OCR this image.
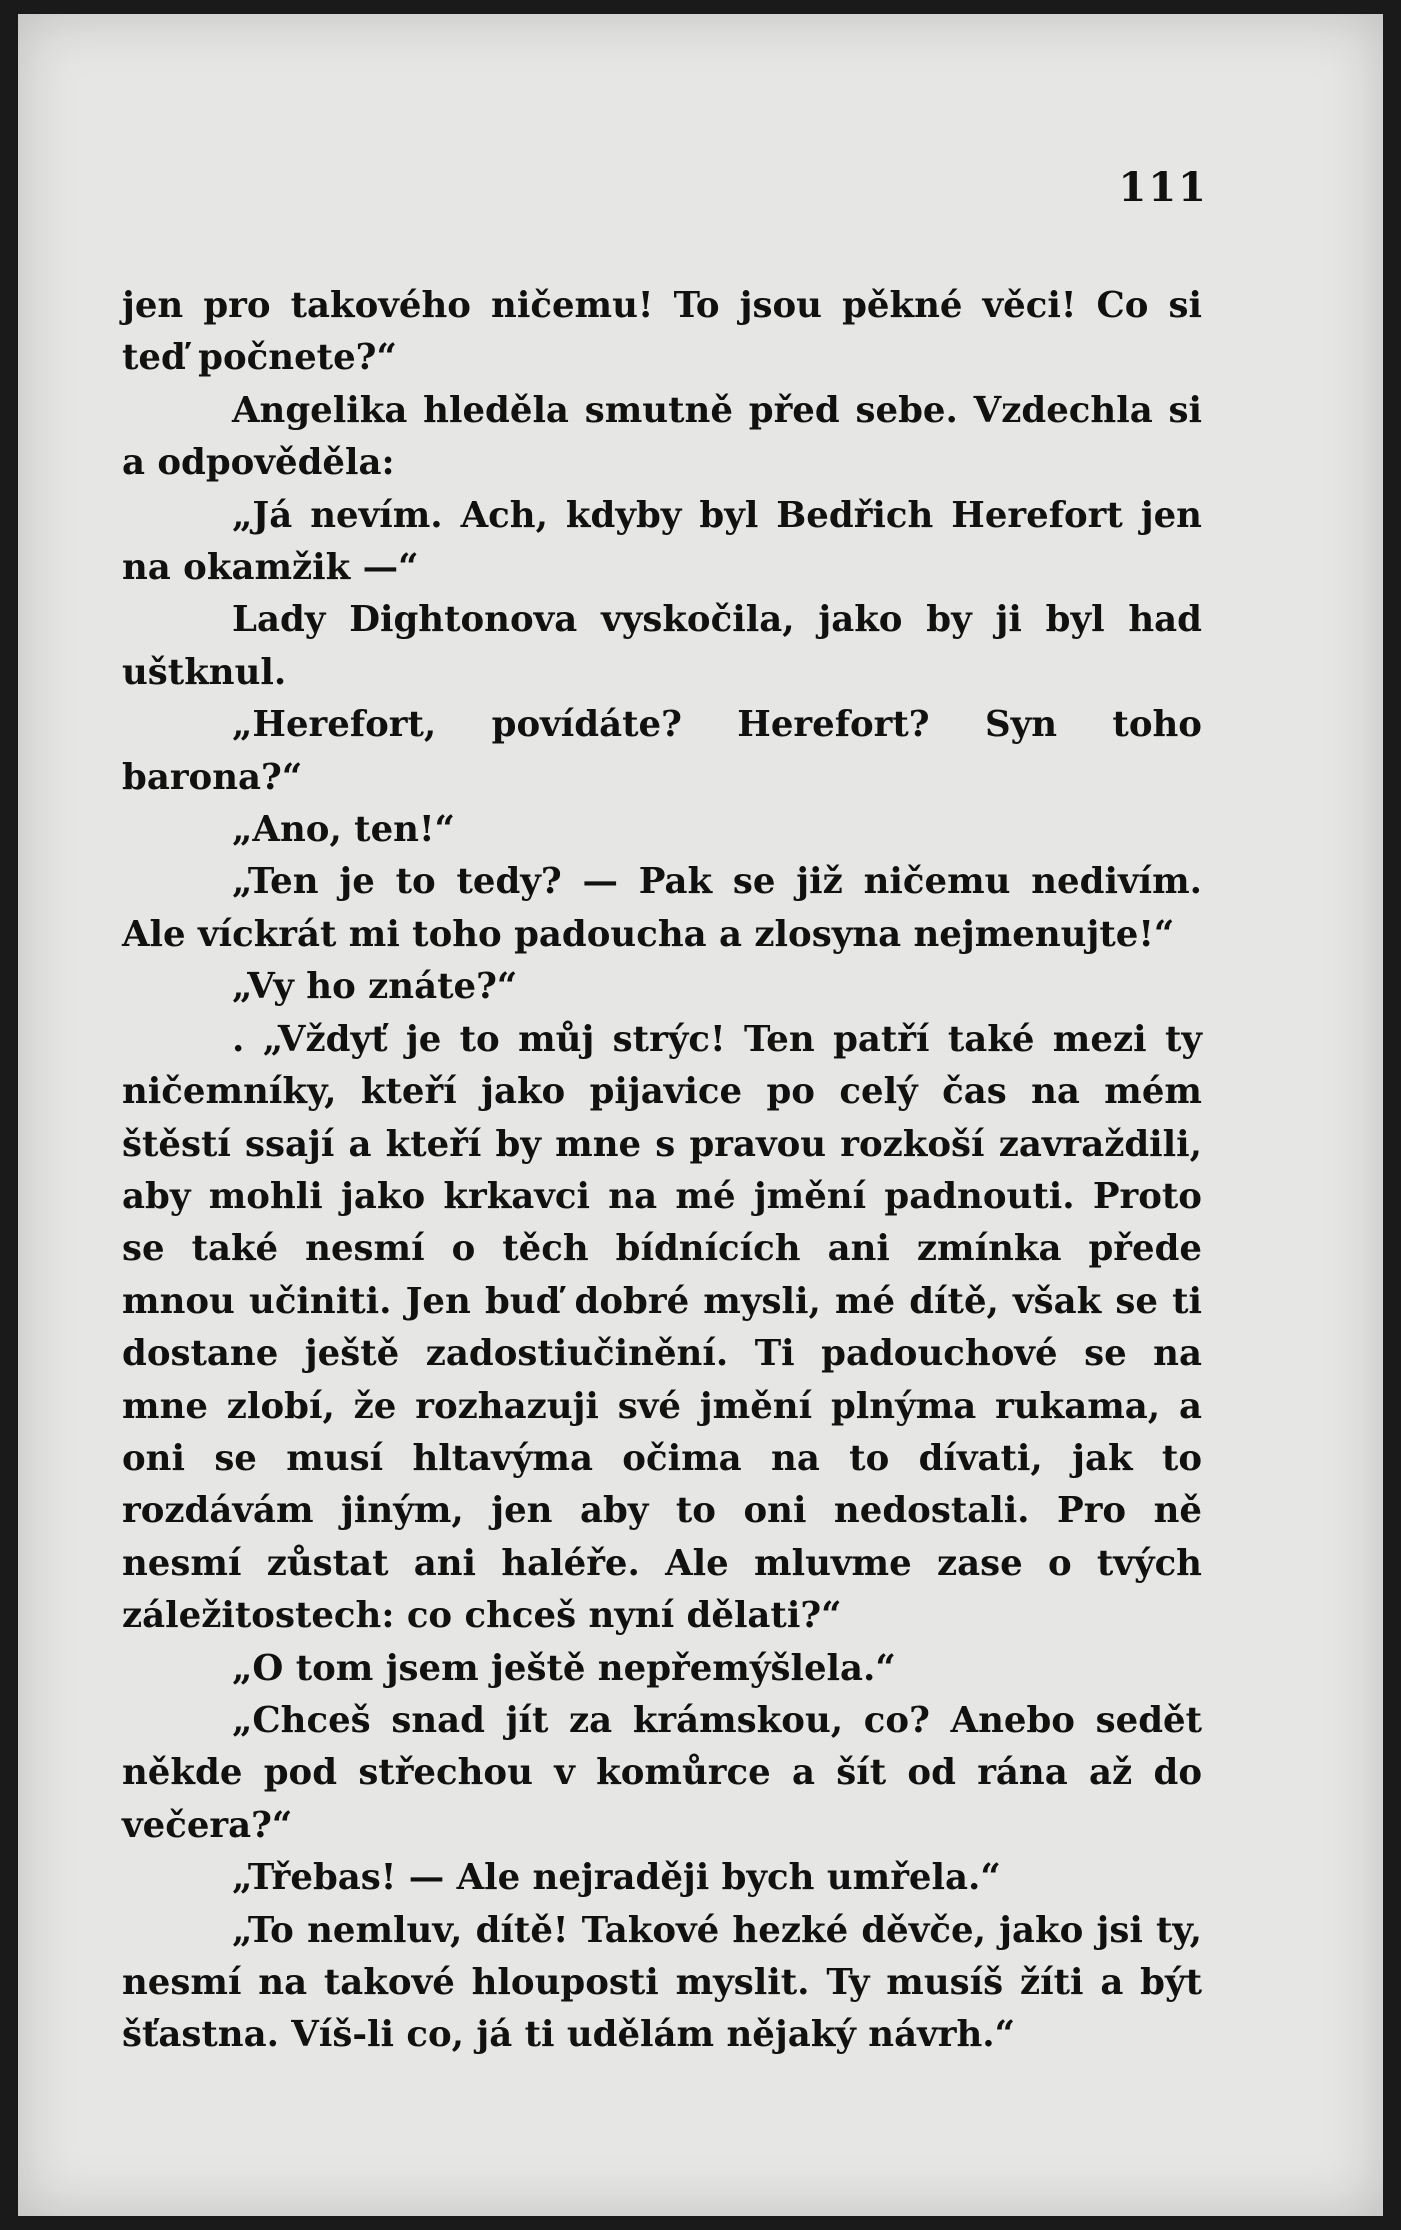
111

jen pro takového ničemu! To jsou pěkné věci! Co si teď počnete?“

Angelika hleděla smutně před sebe. Vzdechla si a odpověděla:

„Já nevím. Ach, kdyby byl Bedřich Herefort jen na okamžik —“

Lady Dightonova vyskočila, jako by ji byl had uštknul.

„Herefort, povídáte? Herefort? Syn toho barona?“

„Ano, ten!“

„Ten je to tedy? — Pak se již ničemu nedivím. Ale víckrát mi toho padoucha a zlosyna nejmenujte!“

„Vy ho znáte?“

. „Vždyť je to můj strýc! Ten patří také mezi ty ničemníky, kteří jako pijavice po celý čas na mém štěstí ssají a kteří by mne s pravou rozkoší zavraždili, aby mohli jako krkavci na mé jmění padnouti. Proto se také nesmí o těch bídnících ani zmínka přede mnou učiniti. Jen buď dobré mysli, mé dítě, však se ti dostane ještě zadostiučinění. Ti padouchové se na mne zlobí, že rozhazuji své jmění plnýma rukama, a oni se musí hltavýma očima na to dívati, jak to rozdávám jiným, jen aby to oni nedostali. Pro ně nesmí zůstat ani haléře. Ale mluvme zase o tvých záležitostech: co chceš nyní dělati?“

„O tom jsem ještě nepřemýšlela.“

„Chceš snad jít za krámskou, co? Anebo sedět někde pod střechou v komůrce a šít od rána až do večera?“

„Třebas! — Ale nejraději bych umřela.“

„To nemluv, dítě! Takové hezké děvče, jako jsi ty, nesmí na takové hlouposti myslit. Ty musíš žíti a být šťastna. Víš-li co, já ti udělám nějaký návrh.“
